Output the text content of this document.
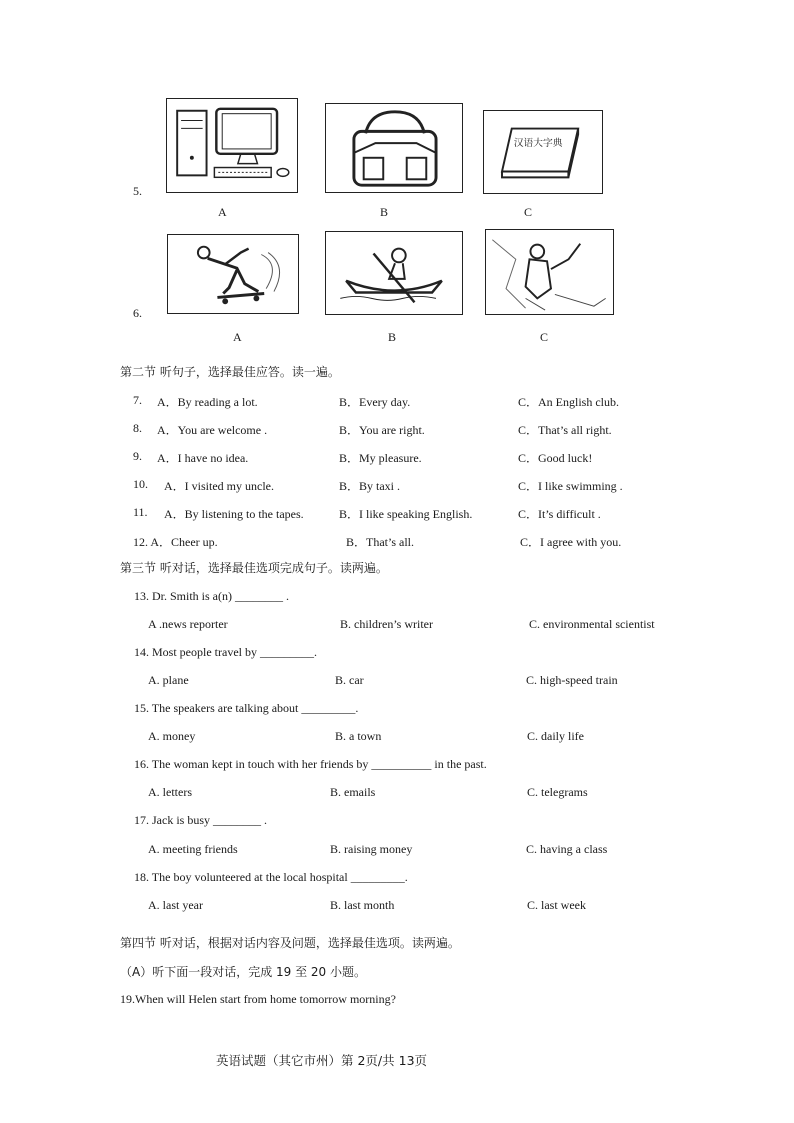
5.
汉语大字典
A	B	C
6.
A	B	C
第二节 听句子，选择最佳应答。读一遍。
7. A．By reading a lot.	B．Every day.	C．An English club.
8. A．You are welcome .	B．You are right.	C．That’s all right.
9. A．I have no idea.	B．My pleasure.	C．Good luck!
10. A．I visited my uncle.	B．By taxi .	C．I like swimming .
11. A．By listening to the tapes.	B．I like speaking English.	C．It’s difficult .
12. A．Cheer up.	B．That’s all.	C．I agree with you.
第三节 听对话，选择最佳选项完成句子。读两遍。
13. Dr. Smith is a(n) ________ .
A .news reporter	B. children’s writer	C. environmental scientist
14. Most people travel by _________.
A. plane	B. car	C. high-speed train
15. The speakers are talking about _________.
A. money	B. a town	C. daily life
16. The woman kept in touch with her friends by __________ in the past.
A. letters	B. emails	C. telegrams
17. Jack is busy ________ .
A. meeting friends	B. raising money	C. having a class
18. The boy volunteered at the local hospital _________.
A. last year	B. last month	C. last week
第四节 听对话，根据对话内容及问题，选择最佳选项。读两遍。
（A）听下面一段对话，完成 19 至 20 小题。
19.When will Helen start from home tomorrow morning?
英语试题（其它市州）第 2页/共 13页
